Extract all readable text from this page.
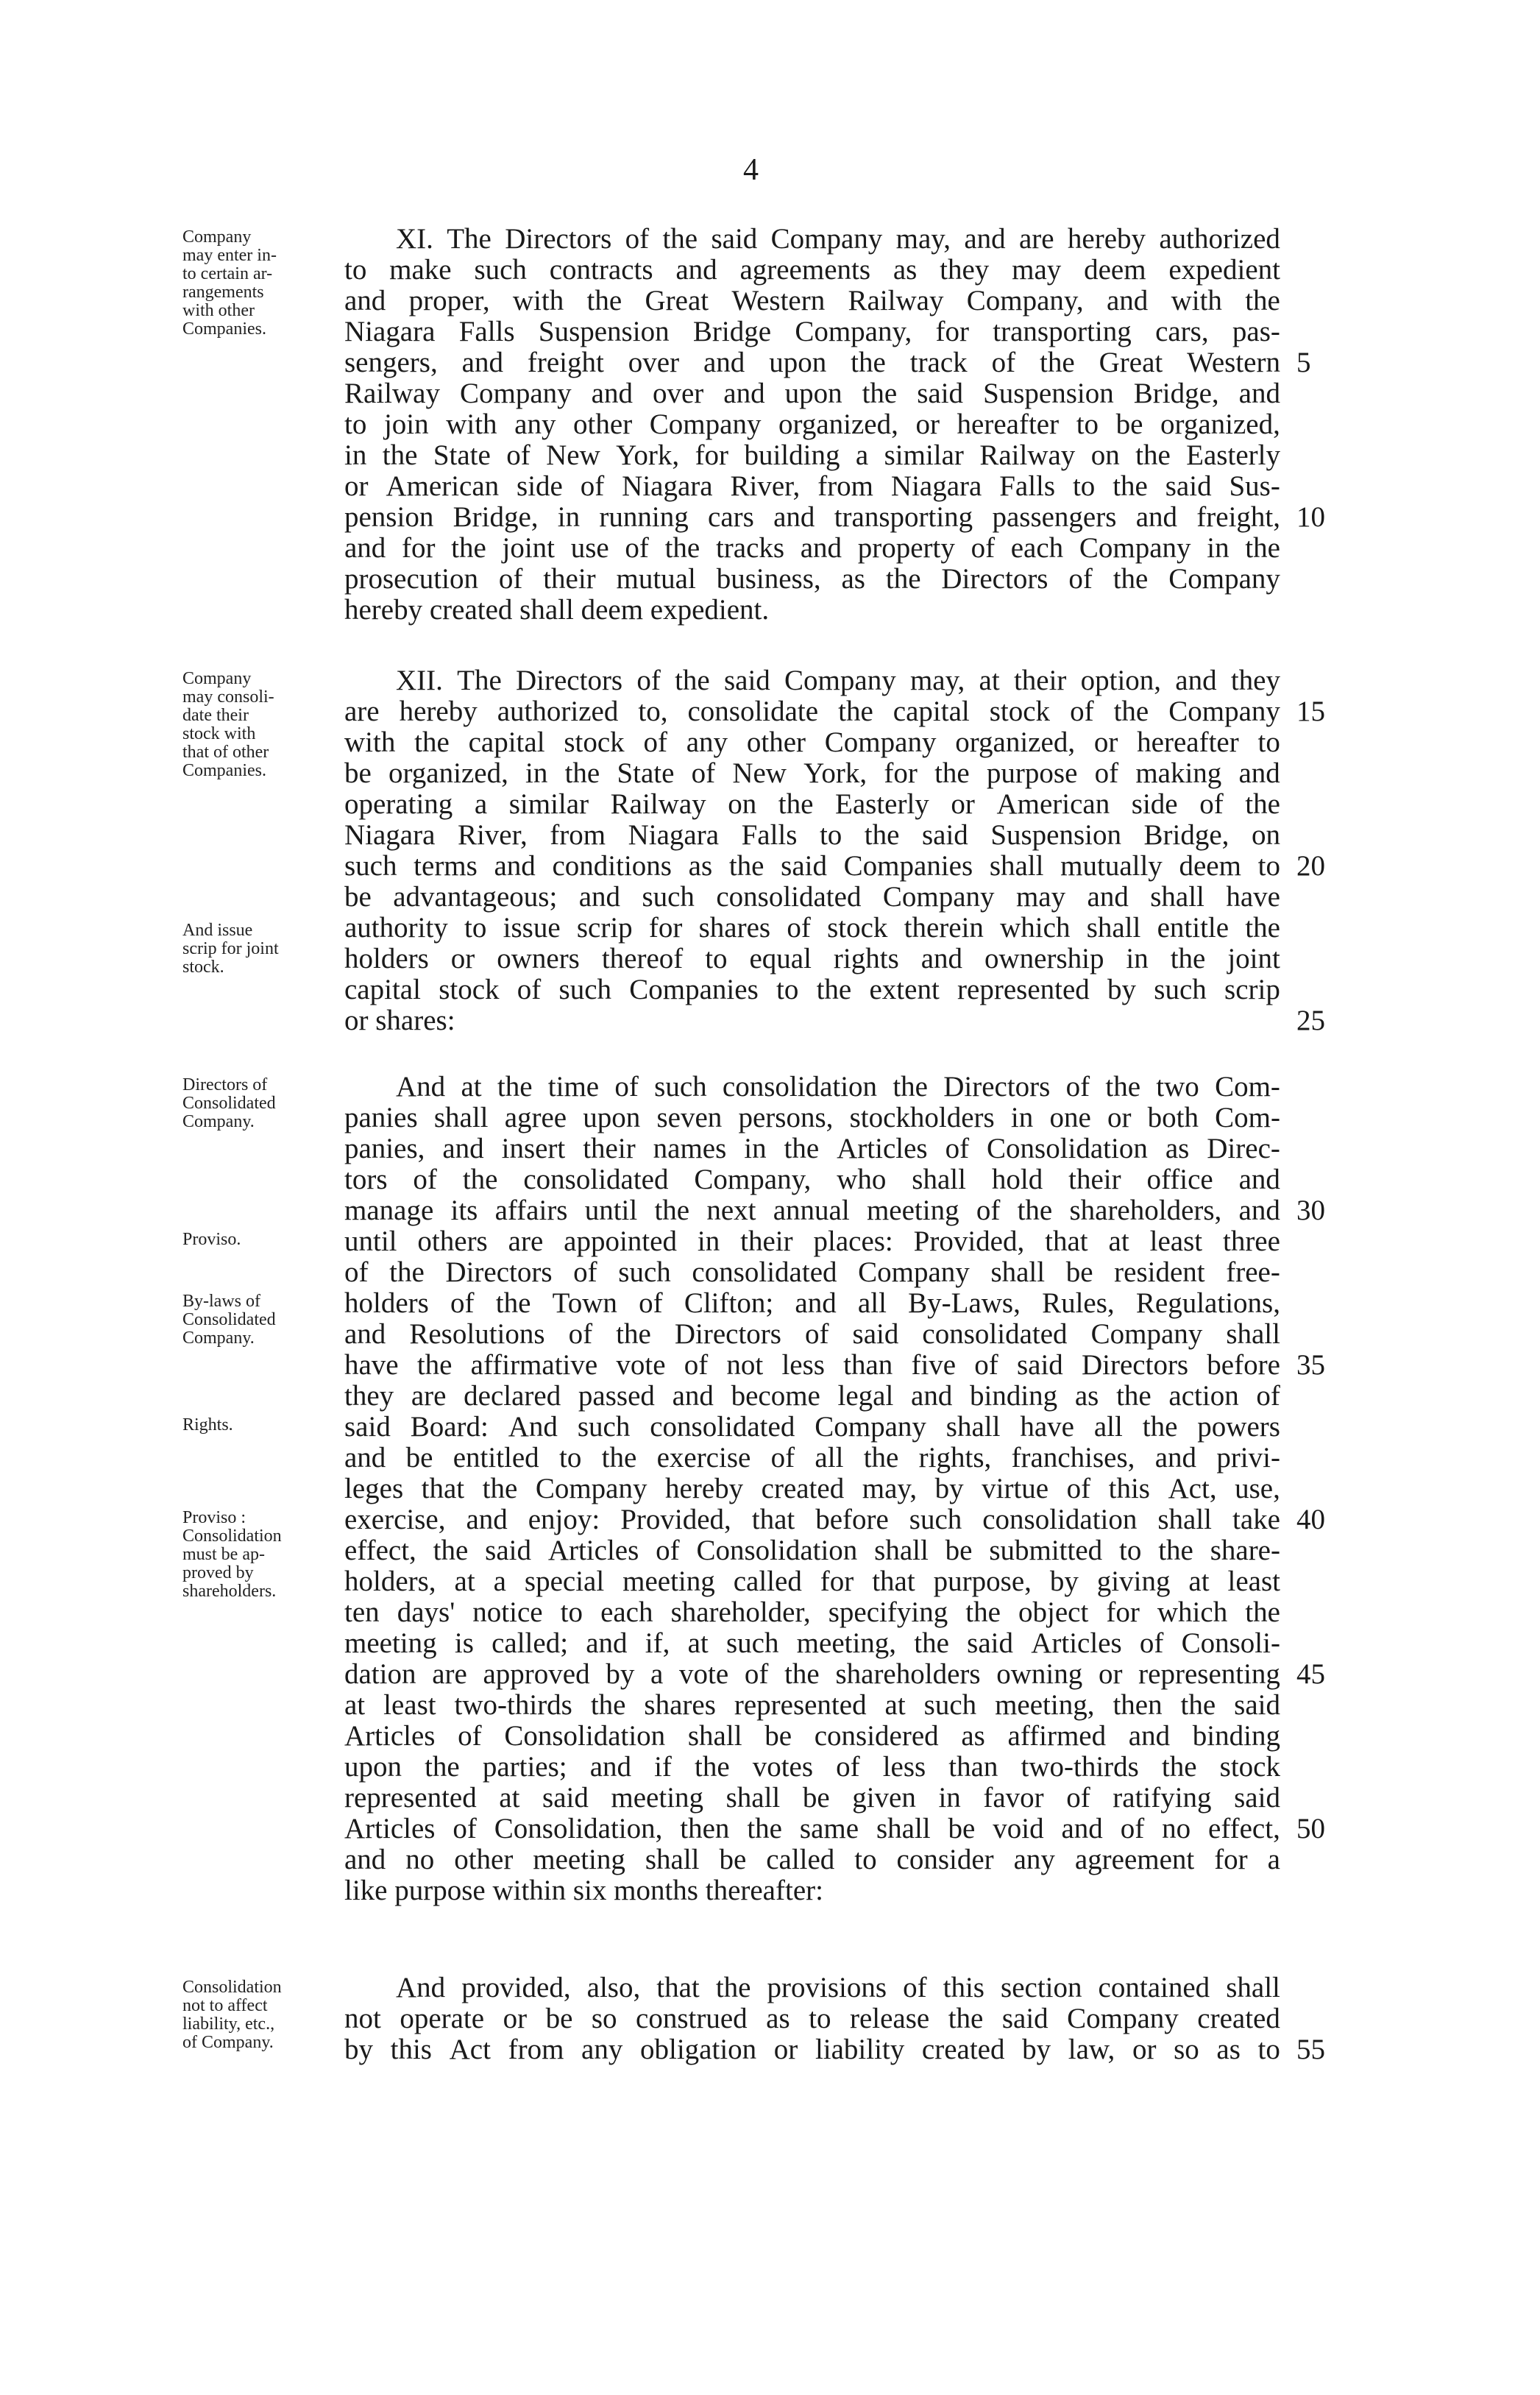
4
Company
may enter in-
to certain ar-
rangements
with other
Companies.
XI. The Directors of the said Company may, and are hereby authorized
to make such contracts and agreements as they may deem expedient
and proper, with the Great Western Railway Company, and with the
Niagara Falls Suspension Bridge Company, for transporting cars, pas-
sengers, and freight over and upon the track of the Great Western
Railway Company and over and upon the said Suspension Bridge, and
to join with any other Company organized, or hereafter to be organized,
in the State of New York, for building a similar Railway on the Easterly
or American side of Niagara River, from Niagara Falls to the said Sus-
pension Bridge, in running cars and transporting passengers and freight,
and for the joint use of the tracks and property of each Company in the
prosecution of their mutual business, as the Directors of the Company
hereby created shall deem expedient.
5
10
Company
may consoli-
date their
stock with
that of other
Companies.
And issue
scrip for joint
stock.
XII. The Directors of the said Company may, at their option, and they
are hereby authorized to, consolidate the capital stock of the Company
with the capital stock of any other Company organized, or hereafter to
be organized, in the State of New York, for the purpose of making and
operating a similar Railway on the Easterly or American side of the
Niagara River, from Niagara Falls to the said Suspension Bridge, on
such terms and conditions as the said Companies shall mutually deem to
be advantageous; and such consolidated Company may and shall have
authority to issue scrip for shares of stock therein which shall entitle the
holders or owners thereof to equal rights and ownership in the joint
capital stock of such Companies to the extent represented by such scrip
or shares:
15
20
25
Directors of
Consolidated
Company.
Proviso.
By-laws of
Consolidated
Company.
Rights.
Proviso :
Consolidation
must be ap-
proved by
shareholders.
And at the time of such consolidation the Directors of the two Com-
panies shall agree upon seven persons, stockholders in one or both Com-
panies, and insert their names in the Articles of Consolidation as Direc-
tors of the consolidated Company, who shall hold their office and
manage its affairs until the next annual meeting of the shareholders, and
until others are appointed in their places: Provided, that at least three
of the Directors of such consolidated Company shall be resident free-
holders of the Town of Clifton; and all By-Laws, Rules, Regulations,
and Resolutions of the Directors of said consolidated Company shall
have the affirmative vote of not less than five of said Directors before
they are declared passed and become legal and binding as the action of
said Board: And such consolidated Company shall have all the powers
and be entitled to the exercise of all the rights, franchises, and privi-
leges that the Company hereby created may, by virtue of this Act, use,
exercise, and enjoy: Provided, that before such consolidation shall take
effect, the said Articles of Consolidation shall be submitted to the share-
holders, at a special meeting called for that purpose, by giving at least
ten days' notice to each shareholder, specifying the object for which the
meeting is called; and if, at such meeting, the said Articles of Consoli-
dation are approved by a vote of the shareholders owning or representing
at least two-thirds the shares represented at such meeting, then the said
Articles of Consolidation shall be considered as affirmed and binding
upon the parties; and if the votes of less than two-thirds the stock
represented at said meeting shall be given in favor of ratifying said
Articles of Consolidation, then the same shall be void and of no effect,
and no other meeting shall be called to consider any agreement for a
like purpose within six months thereafter:
30
35
40
45
50
Consolidation
not to affect
liability, etc.,
of Company.
And provided, also, that the provisions of this section contained shall
not operate or be so construed as to release the said Company created
by this Act from any obligation or liability created by law, or so as to 55
